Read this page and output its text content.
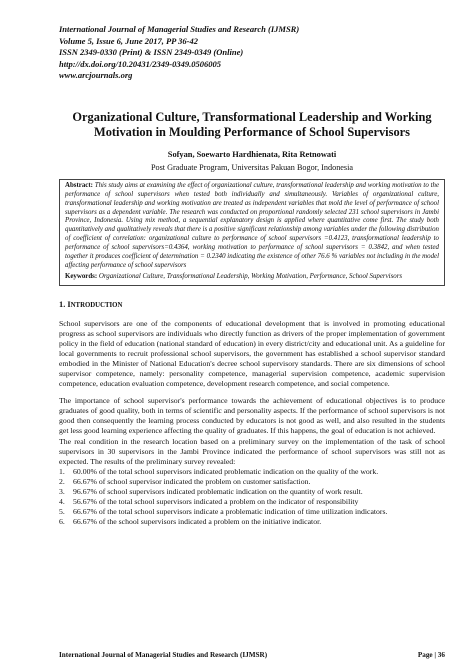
International Journal of Managerial Studies and Research (IJMSR)
Volume 5, Issue 6, June 2017, PP 36-42
ISSN 2349-0330 (Print) & ISSN 2349-0349 (Online)
http://dx.doi.org/10.20431/2349-0349.0506005
www.arcjournals.org
Organizational Culture, Transformational Leadership and Working Motivation in Moulding Performance of School Supervisors
Sofyan, Soewarto Hardhienata, Rita Retnowati
Post Graduate Program, Universitas Pakuan Bogor, Indonesia

Abstract: This study aims at examining the effect of organizational culture, transformational leadership and working motivation to the performance of school supervisors when tested both individually and simultaneously. Variables of organizational culture, transformational leadership and working motivation are treated as independent variables that mold the level of performance of school supervisors as a dependent variable. The research was conducted on proportional randomly selected 231 school supervisors in Jambi Province, Indonesia. Using mix method, a sequential explanatory design is applied where quantitative come first. The study both quantitatively and qualitatively reveals that there is a positive significant relationship among variables under the following distribution of coefficient of correlation: organizational culture to performance of school supervisors =0.4123, transformational leadership to performance of school supervisors=0.4364, working motivation to performance of school supervisors = 0.3842, and when tested together it produces coefficient of determination = 0.2340 indicating the existence of other 76.6 % variables not including in the model affecting performance of school supervisors

Keywords: Organizational Culture, Transformational Leadership, Working Motivation, Performance, School Supervisors

1. INTRODUCTION

School supervisors are one of the components of educational development that is involved in promoting educational progress as school supervisors are individuals who directly function as drivers of the proper implementation of government policy in the field of education (national standard of education) in every district/city and educational unit. As a guideline for local governments to recruit professional school supervisors, the government has established a school supervisor standard embodied in the Minister of National Education's decree school supervisory standards. There are six dimensions of school supervisor competence, namely: personality competence, managerial supervision competence, academic supervision competence, education evaluation competence, development research competence, and social competence.

The importance of school supervisor's performance towards the achievement of educational objectives is to produce graduates of good quality, both in terms of scientific and personality aspects. If the performance of school supervisors is not good then consequently the learning process conducted by educators is not good as well, and also resulted in the students get less good learning experience affecting the quality of graduates. If this happens, the goal of education is not achieved.

The real condition in the research location based on a preliminary survey on the implementation of the task of school supervisors in 30 supervisors in the Jambi Province indicated the performance of school supervisors was still not as expected. The results of the preliminary survey revealed:

1.	60.00% of the total school supervisors indicated problematic indication on the quality of the work.
2.	66.67% of school supervisor indicated the problem on customer satisfaction.
3.	96.67% of school supervisors indicated problematic indication on the quantity of work result.
4.	56.67% of the total school supervisors indicated a problem on the indicator of responsibility
5.	66.67% of the total school supervisors indicate a problematic indication of time utilization indicators.
6.	66.67% of the school supervisors indicated a problem on the initiative indicator.
International Journal of Managerial Studies and Research (IJMSR)	Page | 36
